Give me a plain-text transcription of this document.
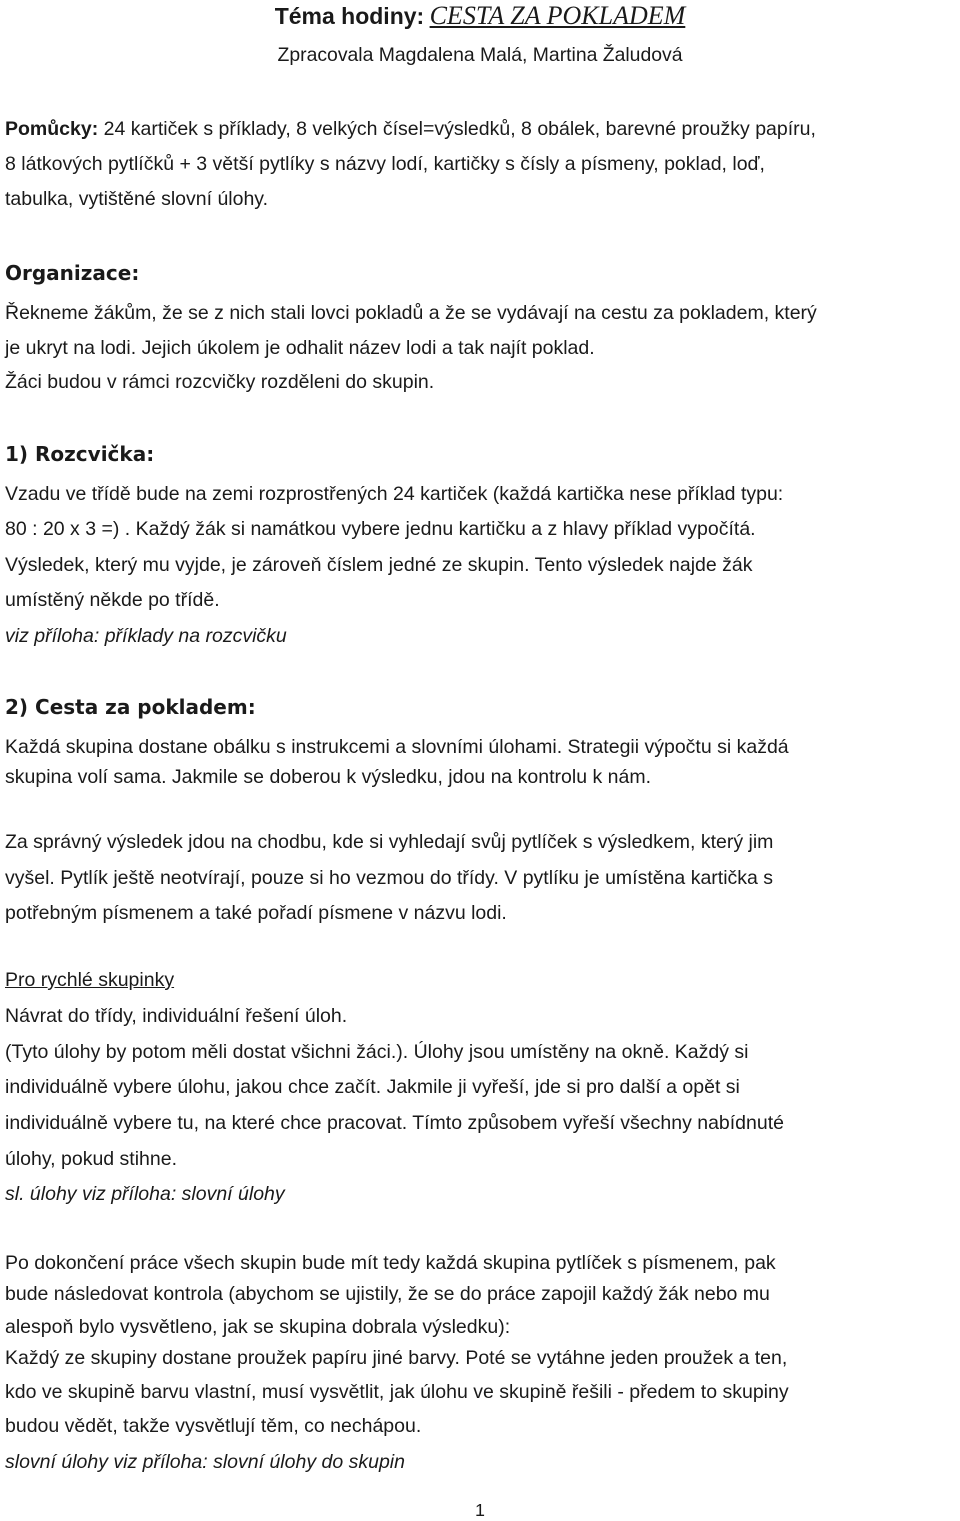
Téma hodiny: CESTA ZA POKLADEM
Zpracovala Magdalena Malá, Martina Žaludová
Pomůcky: 24 kartiček s příklady, 8 velkých čísel=výsledků, 8 obálek, barevné proužky papíru,
8 látkových pytlíčků + 3 větší pytlíky s názvy lodí, kartičky s čísly a písmeny, poklad, loď,
tabulka, vytištěné slovní úlohy.
Organizace:
Řekneme žákům, že se z nich stali lovci pokladů a že se vydávají na cestu za pokladem, který
je ukryt na lodi. Jejich úkolem je odhalit název lodi a tak najít poklad.
Žáci budou v rámci rozcvičky rozděleni do skupin.
1) Rozcvička:
Vzadu ve třídě bude na zemi rozprostřených 24 kartiček (každá kartička nese příklad typu:
80 : 20 x 3 =) . Každý žák si namátkou vybere jednu kartičku a z hlavy příklad vypočítá.
Výsledek, který mu vyjde, je zároveň číslem jedné ze skupin. Tento výsledek najde žák
umístěný někde po třídě.
viz příloha: příklady na rozcvičku
2) Cesta za pokladem:
Každá skupina dostane obálku s instrukcemi a slovními úlohami. Strategii výpočtu si každá
skupina volí sama. Jakmile se doberou k výsledku, jdou na kontrolu k nám.
Za správný výsledek jdou na chodbu, kde si vyhledají svůj pytlíček s výsledkem, který jim
vyšel. Pytlík ještě neotvírají, pouze si ho vezmou do třídy. V pytlíku je umístěna kartička s
potřebným písmenem a také pořadí písmene v názvu lodi.
Pro rychlé skupinky
Návrat do třídy, individuální řešení úloh.
(Tyto úlohy by potom měli dostat všichni žáci.). Úlohy jsou umístěny na okně. Každý si
individuálně vybere úlohu, jakou chce začít. Jakmile ji vyřeší, jde si pro další a opět si
individuálně vybere tu, na které chce pracovat. Tímto způsobem vyřeší všechny nabídnuté
úlohy, pokud stihne.
sl. úlohy viz příloha: slovní úlohy
Po dokončení práce všech skupin bude mít tedy každá skupina pytlíček s písmenem, pak
bude následovat kontrola (abychom se ujistily, že se do práce zapojil každý žák nebo mu
alespoň bylo vysvětleno, jak se skupina dobrala výsledku):
Každý ze skupiny dostane proužek papíru jiné barvy. Poté se vytáhne jeden proužek a ten,
kdo ve skupině barvu vlastní, musí vysvětlit, jak úlohu ve skupině řešili - předem to skupiny
budou vědět, takže vysvětlují těm, co nechápou.
slovní úlohy viz příloha: slovní úlohy do skupin
1
